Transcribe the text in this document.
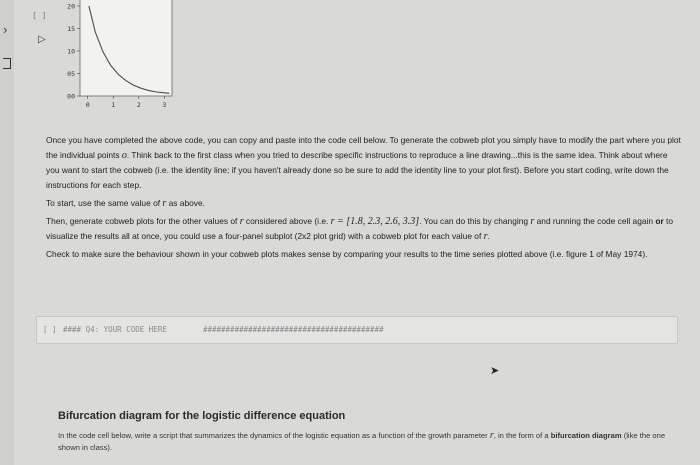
›
[ ]
▷
20
15
10
05
00
0	1	2	3

Once you have completed the above code, you can copy and paste into the code cell below. To generate the cobweb plot you simply have to modify the part where you plot the individual points o. Think back to the first class when you tried to describe specific instructions to reproduce a line drawing...this is the same idea. Think about where you want to start the cobweb (i.e. the identity line; if you haven't already done so be sure to add the identity line to your plot first). Before you start coding, write down the instructions for each step.

To start, use the same value of r as above.

Then, generate cobweb plots for the other values of r considered above (i.e. r = [1.8, 2.3, 2.6, 3.3]. You can do this by changing r and running the code cell again or to visualize the results all at once, you could use a four-panel subplot (2x2 plot grid) with a cobweb plot for each value of r.

Check to make sure the behaviour shown in your cobweb plots makes sense by comparing your results to the time series plotted above (i.e. figure 1 of May 1974).

[ ] #### Q4: YOUR CODE HERE	########################################
➤
Bifurcation diagram for the logistic difference equation
In the code cell below, write a script that summarizes the dynamics of the logistic equation as a function of the growth parameter r, in the form of a bifurcation diagram (like the one shown in class).
